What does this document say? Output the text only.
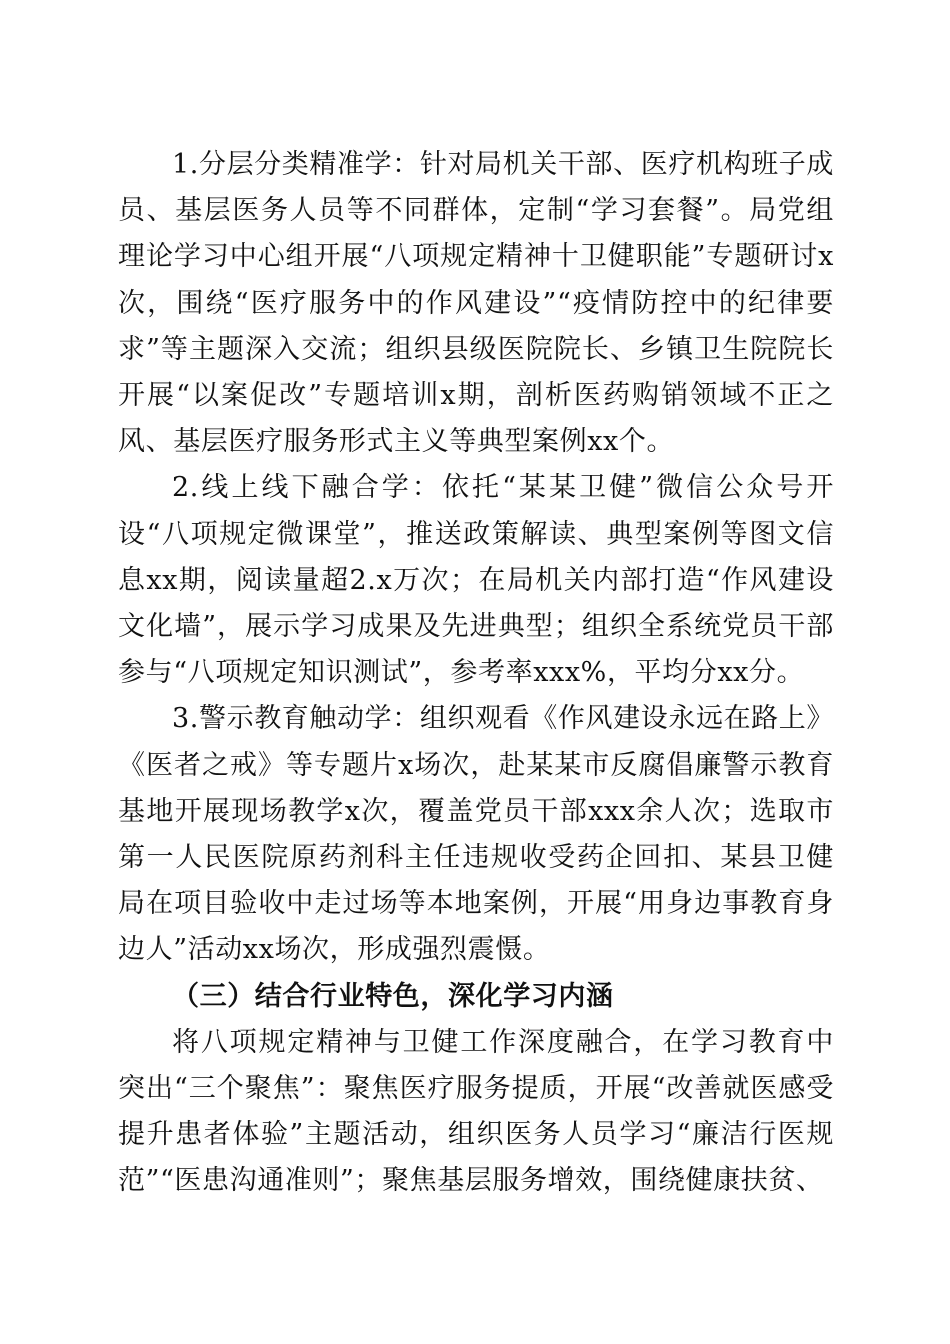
1.分层分类精准学：针对局机关干部、医疗机构班子成员、基层医务人员等不同群体，定制“学习套餐”。局党组理论学习中心组开展“八项规定精神十卫健职能”专题研讨x次，围绕“医疗服务中的作风建设”“疫情防控中的纪律要求”等主题深入交流；组织县级医院院长、乡镇卫生院院长开展“以案促改”专题培训x期，剖析医药购销领域不正之风、基层医疗服务形式主义等典型案例xx个。

2.线上线下融合学：依托“某某卫健”微信公众号开设“八项规定微课堂”，推送政策解读、典型案例等图文信息xx期，阅读量超2.x万次；在局机关内部打造“作风建设文化墙”，展示学习成果及先进典型；组织全系统党员干部参与“八项规定知识测试”，参考率xxx%，平均分xx分。

3.警示教育触动学：组织观看《作风建设永远在路上》《医者之戒》等专题片x场次，赴某某市反腐倡廉警示教育基地开展现场教学x次，覆盖党员干部xxx余人次；选取市第一人民医院原药剂科主任违规收受药企回扣、某县卫健局在项目验收中走过场等本地案例，开展“用身边事教育身边人”活动xx场次，形成强烈震慑。

（三）结合行业特色，深化学习内涵

将八项规定精神与卫健工作深度融合，在学习教育中突出“三个聚焦”：聚焦医疗服务提质，开展“改善就医感受提升患者体验”主题活动，组织医务人员学习“廉洁行医规范”“医患沟通准则”；聚焦基层服务增效，围绕健康扶贫、
